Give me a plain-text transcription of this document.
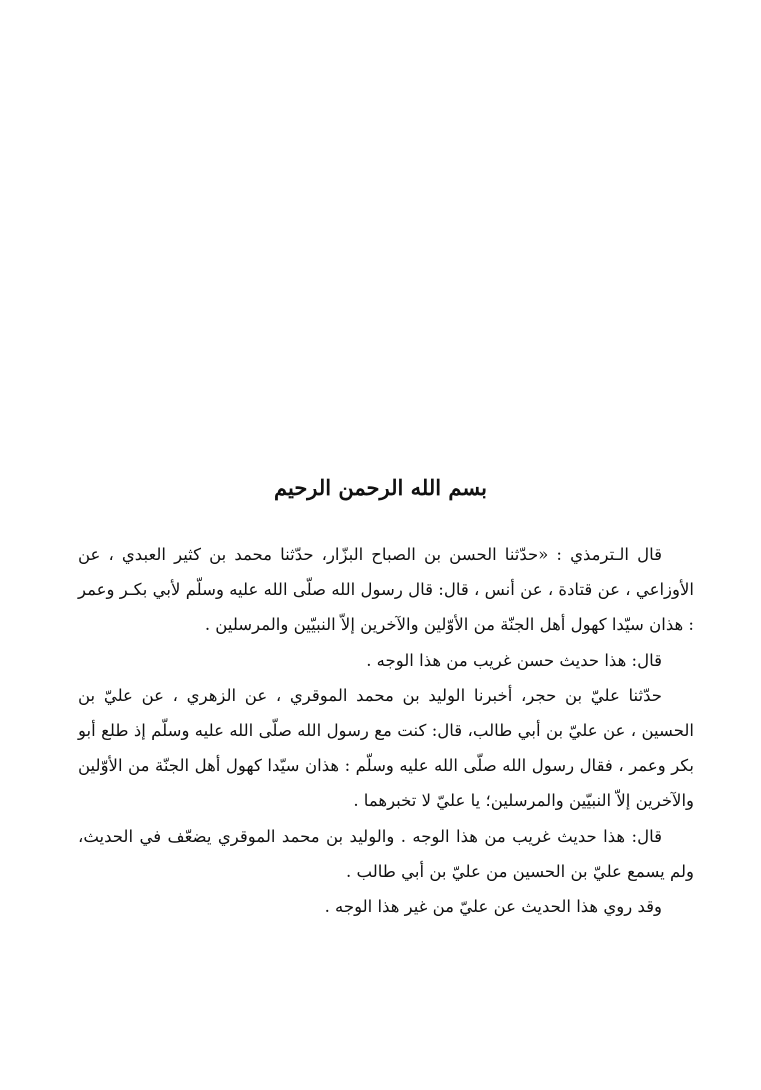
بسم الله الرحمن الرحيم

قال الـترمذي : «حدّثنا الحسن بن الصباح البزّار، حدّثنا محمد بن كثير العبدي ، عن الأوزاعي ، عن قتادة ، عن أنس ، قال: قال رسول الله صلّى الله عليه وسلّم لأبي بكـر وعمر : هذان سيّدا كهول أهل الجنّة من الأوّلين والآخرين إلاّ النبيّين والمرسلين .

قال: هذا حديث حسن غريب من هذا الوجه .

حدّثنا عليّ بن حجر، أخبرنا الوليد بن محمد الموقري ، عن الزهري ، عن عليّ بن الحسين ، عن عليّ بن أبي طالب، قال: كنت مع رسول الله صلّى الله عليه وسلّم إذ طلع أبو بكر وعمر ، فقال رسول الله صلّى الله عليه وسلّم : هذان سيّدا كهول أهل الجنّة من الأوّلين والآخرين إلاّ النبيّين والمرسلين؛ يا عليّ لا تخبرهما .

قال: هذا حديث غريب من هذا الوجه . والوليد بن محمد الموقري يضعّف في الحديث، ولم يسمع عليّ بن الحسين من عليّ بن أبي طالب .

وقد روي هذا الحديث عن عليّ من غير هذا الوجه .
